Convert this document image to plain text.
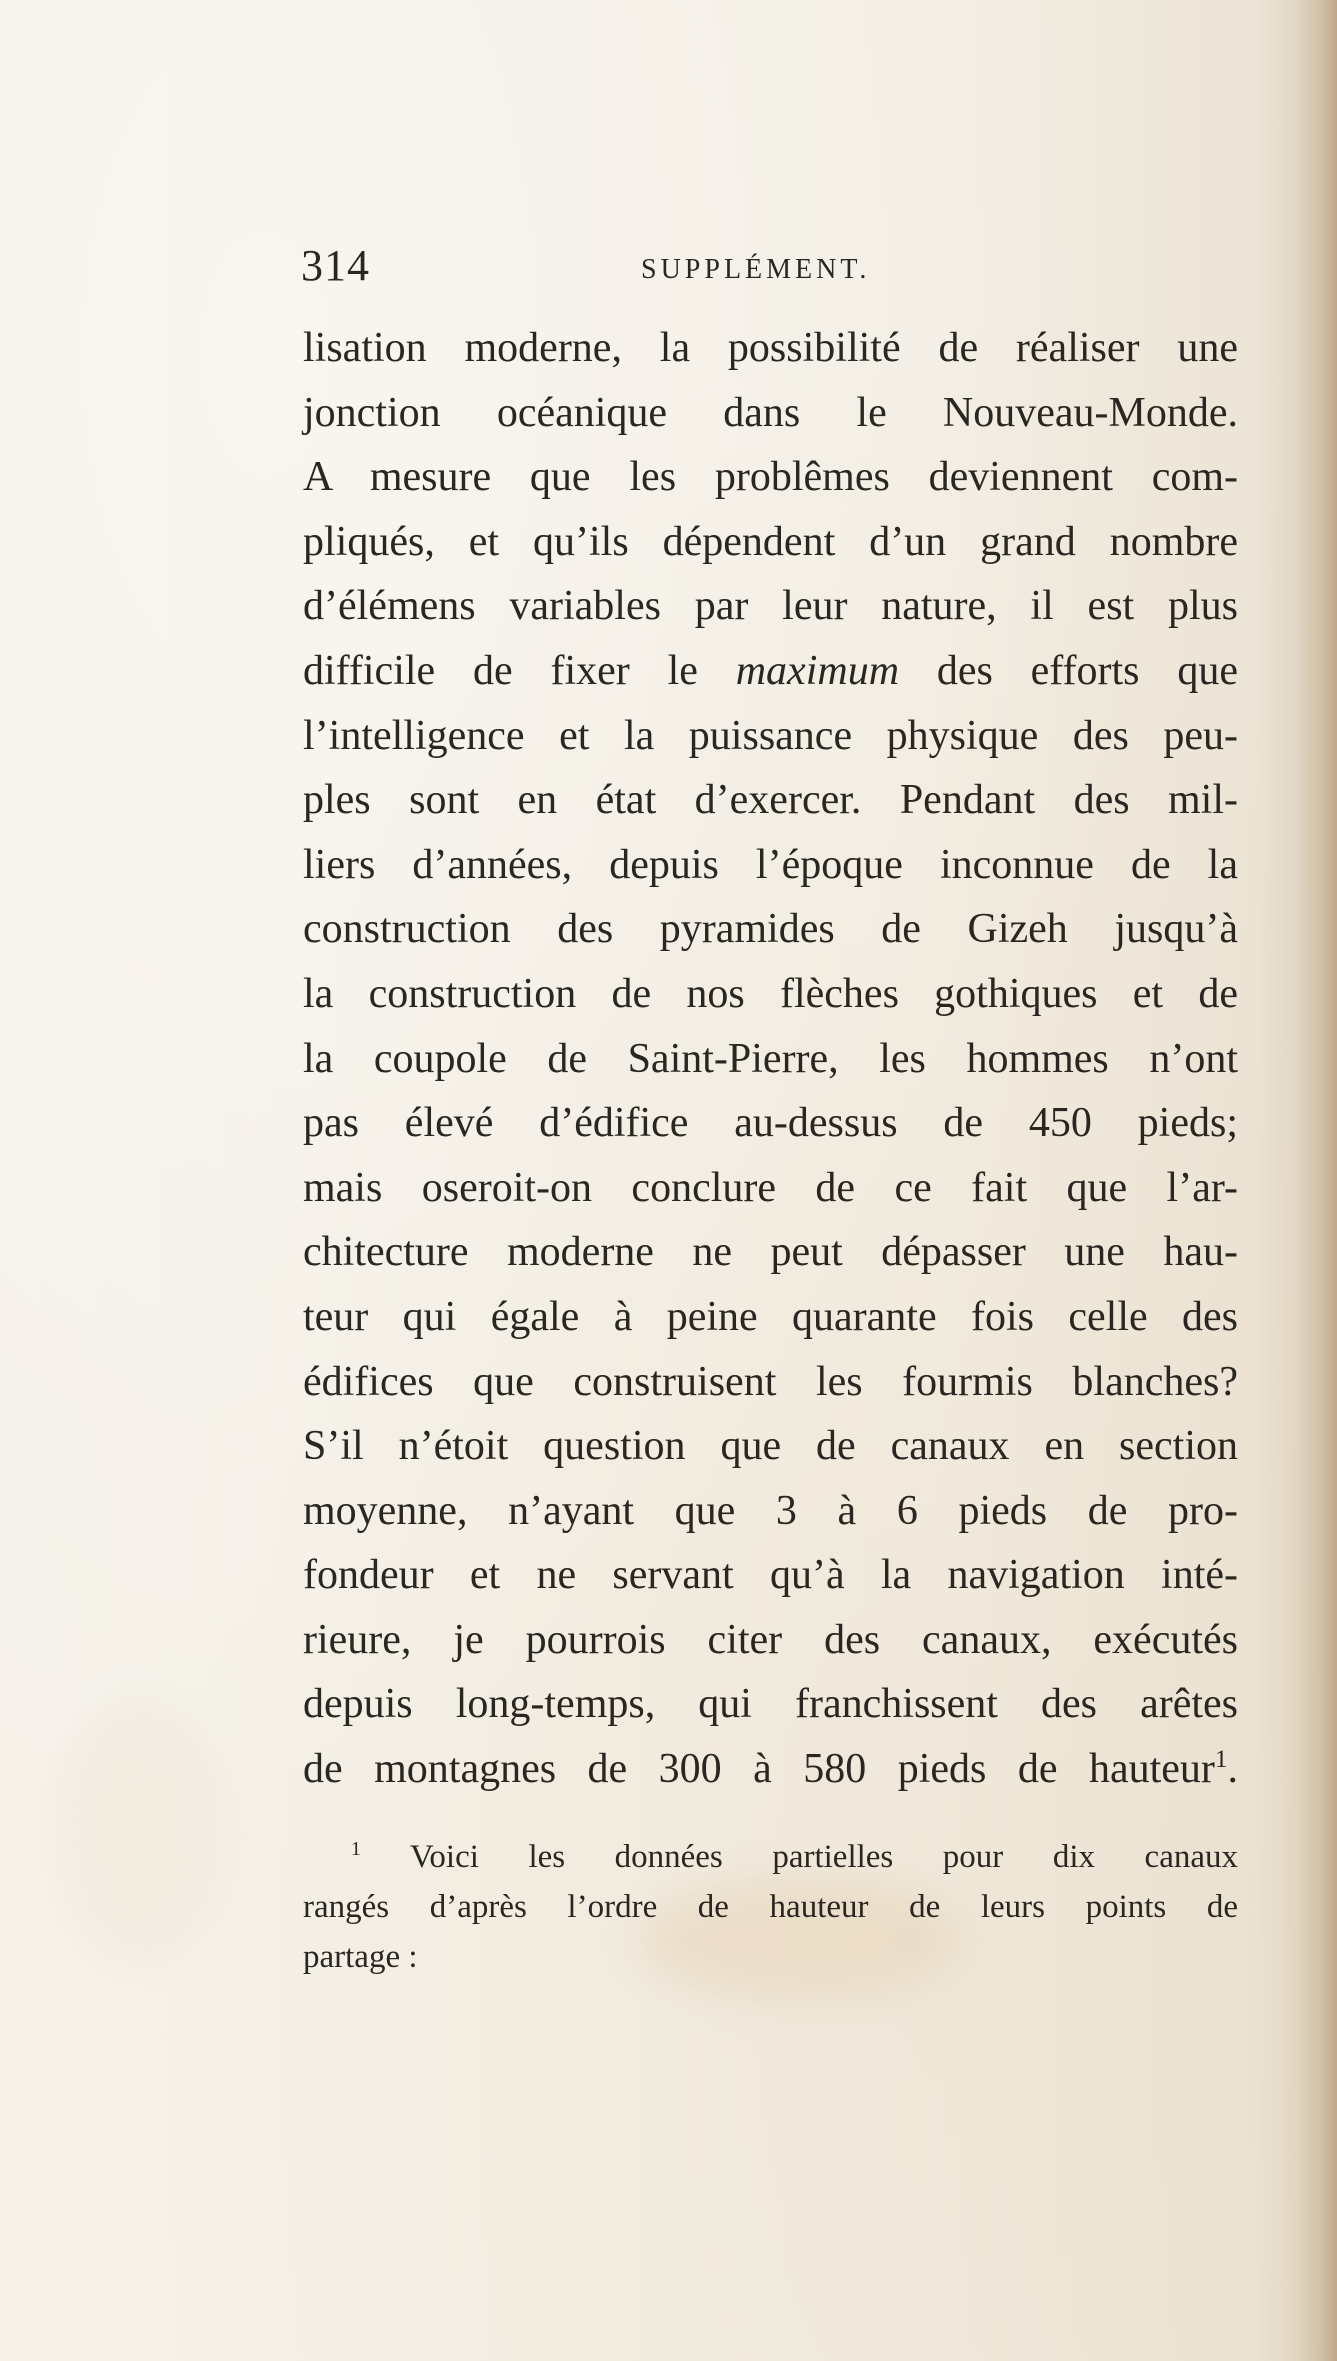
314	SUPPLÉMENT.
lisation moderne, la possibilité de réaliser une
jonction océanique dans le Nouveau-Monde.
A mesure que les problêmes deviennent com-
pliqués, et qu’ils dépendent d’un grand nombre
d’élémens variables par leur nature, il est plus
difficile de fixer le maximum des efforts que
l’intelligence et la puissance physique des peu-
ples sont en état d’exercer. Pendant des mil-
liers d’années, depuis l’époque inconnue de la
construction des pyramides de Gizeh jusqu’à
la construction de nos flèches gothiques et de
la coupole de Saint-Pierre, les hommes n’ont
pas élevé d’édifice au-dessus de 450 pieds;
mais oseroit-on conclure de ce fait que l’ar-
chitecture moderne ne peut dépasser une hau-
teur qui égale à peine quarante fois celle des
édifices que construisent les fourmis blanches?
S’il n’étoit question que de canaux en section
moyenne, n’ayant que 3 à 6 pieds de pro-
fondeur et ne servant qu’à la navigation inté-
rieure, je pourrois citer des canaux, exécutés
depuis long-temps, qui franchissent des arêtes
de montagnes de 300 à 580 pieds de hauteur$^1$.
$^1$ Voici les données partielles pour dix canaux
rangés d’après l’ordre de hauteur de leurs points de
partage :
